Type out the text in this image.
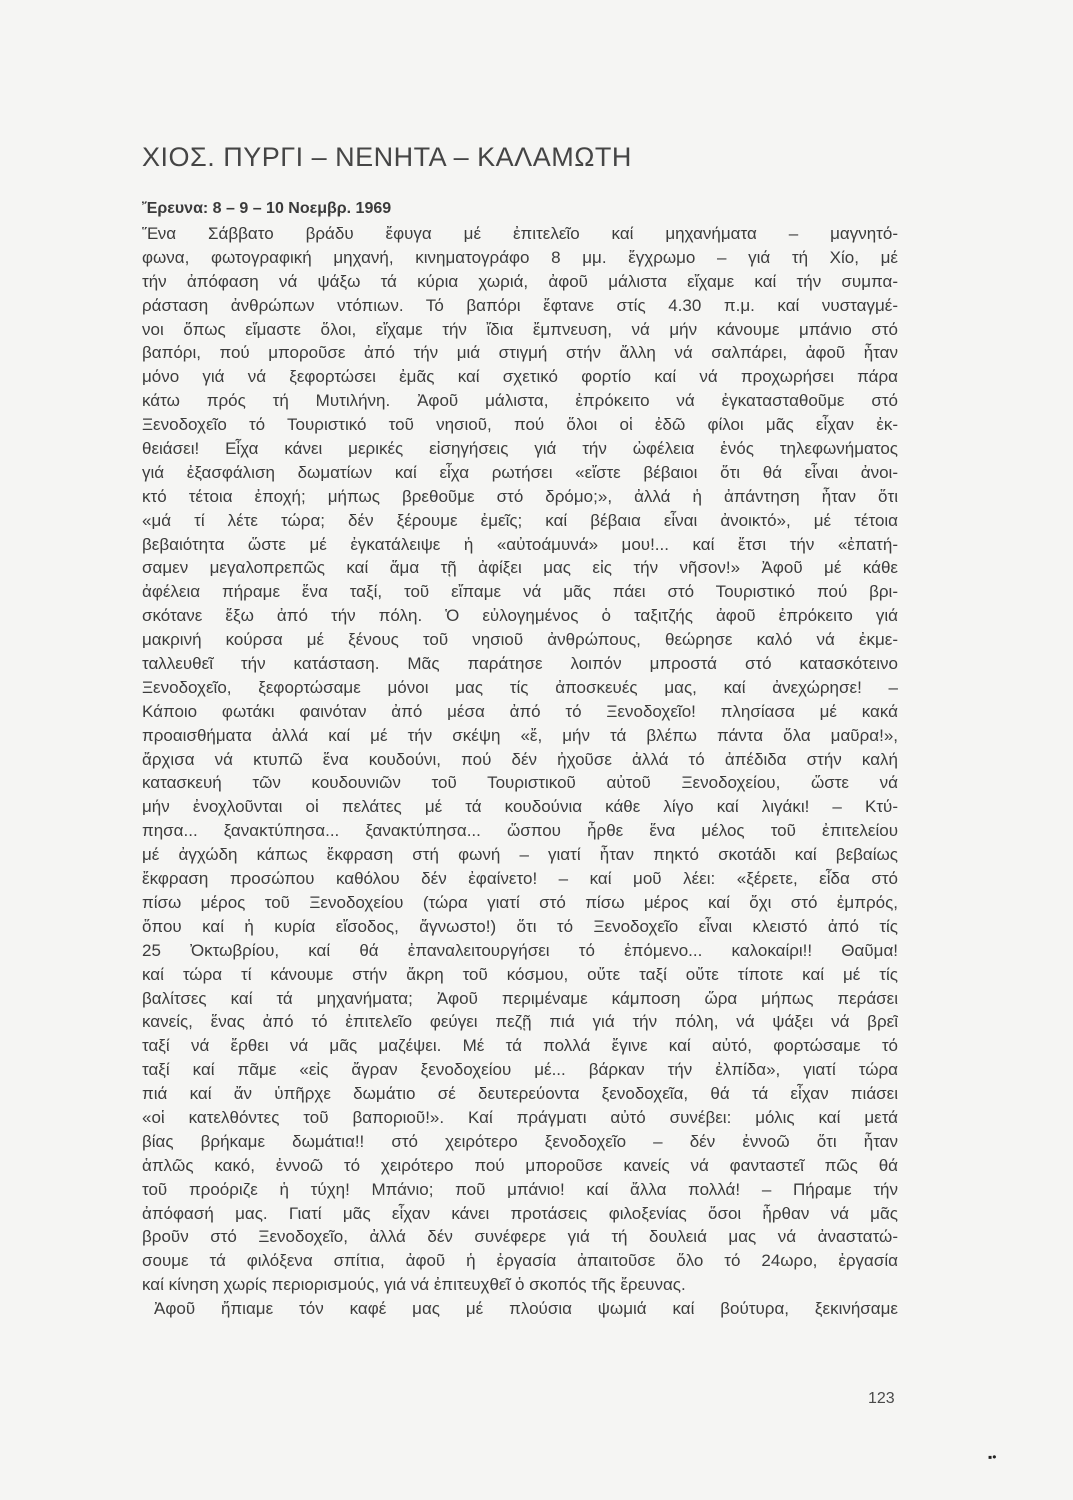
ΧΙΟΣ. ΠΥΡΓΙ – ΝΕΝΗΤΑ – ΚΑΛΑΜΩΤΗ
Ἔρευνα: 8 – 9 – 10 Νοεμβρ. 1969
Ἕνα Σάββατο βράδυ ἔφυγα μέ ἐπιτελεῖο καί μηχανήματα – μαγνητό-
φωνα, φωτογραφική μηχανή, κινηματογράφο 8 μμ. ἔγχρωμο – γιά τή Χίο, μέ
τήν ἀπόφαση νά ψάξω τά κύρια χωριά, ἀφοῦ μάλιστα εἴχαμε καί τήν συμπα-
ράσταση ἀνθρώπων ντόπιων. Τό βαπόρι ἔφτανε στίς 4.30 π.μ. καί νυσταγμέ-
νοι ὅπως εἴμαστε ὅλοι, εἴχαμε τήν ἴδια ἔμπνευση, νά μήν κάνουμε μπάνιο στό
βαπόρι, πού μποροῦσε ἀπό τήν μιά στιγμή στήν ἄλλη νά σαλπάρει, ἀφοῦ ἦταν
μόνο γιά νά ξεφορτώσει ἐμᾶς καί σχετικό φορτίο καί νά προχωρήσει πάρα
κάτω πρός τή Μυτιλήνη. Ἀφοῦ μάλιστα, ἐπρόκειτο νά ἐγκατασταθοῦμε στό
Ξενοδοχεῖο τό Τουριστικό τοῦ νησιοῦ, πού ὅλοι οἱ ἐδῶ φίλοι μᾶς εἶχαν ἐκ-
θειάσει! Εἶχα κάνει μερικές εἰσηγήσεις γιά τήν ὠφέλεια ἑνός τηλεφωνήματος
γιά ἐξασφάλιση δωματίων καί εἶχα ρωτήσει «εἴστε βέβαιοι ὅτι θά εἶναι ἀνοι-
κτό τέτοια ἐποχή; μήπως βρεθοῦμε στό δρόμο;», ἀλλά ἡ ἀπάντηση ἦταν ὅτι
«μά τί λέτε τώρα; δέν ξέρουμε ἐμεῖς; καί βέβαια εἶναι ἀνοικτό», μέ τέτοια
βεβαιότητα ὥστε μέ ἐγκατάλειψε ἡ «αὐτοάμυνά» μου!... καί ἔτσι τήν «ἐπατή-
σαμεν μεγαλοπρεπῶς καί ἅμα τῇ ἀφίξει μας εἰς τήν νῆσον!» Ἀφοῦ μέ κάθε
ἀφέλεια πήραμε ἕνα ταξί, τοῦ εἴπαμε νά μᾶς πάει στό Τουριστικό πού βρι-
σκότανε ἔξω ἀπό τήν πόλη. Ὁ εὐλογημένος ὁ ταξιτζής ἀφοῦ ἐπρόκειτο γιά
μακρινή κούρσα μέ ξένους τοῦ νησιοῦ ἀνθρώπους, θεώρησε καλό νά ἐκμε-
ταλλευθεῖ τήν κατάσταση. Μᾶς παράτησε λοιπόν μπροστά στό κατασκότεινο
Ξενοδοχεῖο, ξεφορτώσαμε μόνοι μας τίς ἀποσκευές μας, καί ἀνεχώρησε! –
Κάποιο φωτάκι φαινόταν ἀπό μέσα ἀπό τό Ξενοδοχεῖο! πλησίασα μέ κακά
προαισθήματα ἀλλά καί μέ τήν σκέψη «ἔ, μήν τά βλέπω πάντα ὅλα μαῦρα!»,
ἄρχισα νά κτυπῶ ἕνα κουδούνι, πού δέν ἠχοῦσε ἀλλά τό ἀπέδιδα στήν καλή
κατασκευή τῶν κουδουνιῶν τοῦ Τουριστικοῦ αὐτοῦ Ξενοδοχείου, ὥστε νά
μήν ἐνοχλοῦνται οἱ πελάτες μέ τά κουδούνια κάθε λίγο καί λιγάκι! – Κτύ-
πησα... ξανακτύπησα... ξανακτύπησα... ὥσπου ἦρθε ἕνα μέλος τοῦ ἐπιτελείου
μέ ἀγχώδη κάπως ἔκφραση στή φωνή – γιατί ἦταν πηκτό σκοτάδι καί βεβαίως
ἔκφραση προσώπου καθόλου δέν ἐφαίνετο! – καί μοῦ λέει: «ξέρετε, εἶδα στό
πίσω μέρος τοῦ Ξενοδοχείου (τώρα γιατί στό πίσω μέρος καί ὄχι στό ἐμπρός,
ὅπου καί ἡ κυρία εἴσοδος, ἄγνωστο!) ὅτι τό Ξενοδοχεῖο εἶναι κλειστό ἀπό τίς
25 Ὀκτωβρίου, καί θά ἐπαναλειτουργήσει τό ἑπόμενο... καλοκαίρι!! Θαῦμα!
καί τώρα τί κάνουμε στήν ἄκρη τοῦ κόσμου, οὔτε ταξί οὔτε τίποτε καί μέ τίς
βαλίτσες καί τά μηχανήματα; Ἀφοῦ περιμέναμε κάμποση ὥρα μήπως περάσει
κανείς, ἕνας ἀπό τό ἐπιτελεῖο φεύγει πεζῇ πιά γιά τήν πόλη, νά ψάξει νά βρεῖ
ταξί νά ἔρθει νά μᾶς μαζέψει. Μέ τά πολλά ἔγινε καί αὐτό, φορτώσαμε τό
ταξί καί πᾶμε «εἰς ἄγραν ξενοδοχείου μέ... βάρκαν τήν ἐλπίδα», γιατί τώρα
πιά καί ἄν ὑπῆρχε δωμάτιο σέ δευτερεύοντα ξενοδοχεῖα, θά τά εἶχαν πιάσει
«οἱ κατελθόντες τοῦ βαποριοῦ!». Καί πράγματι αὐτό συνέβει: μόλις καί μετά
βίας βρήκαμε δωμάτια!! στό χειρότερο ξενοδοχεῖο – δέν ἐννοῶ ὅτι ἦταν
ἁπλῶς κακό, ἐννοῶ τό χειρότερο πού μποροῦσε κανείς νά φανταστεῖ πῶς θά
τοῦ προόριζε ἡ τύχη! Μπάνιο; ποῦ μπάνιο! καί ἄλλα πολλά! – Πήραμε τήν
ἀπόφασή μας. Γιατί μᾶς εἶχαν κάνει προτάσεις φιλοξενίας ὅσοι ἦρθαν νά μᾶς
βροῦν στό Ξενοδοχεῖο, ἀλλά δέν συνέφερε γιά τή δουλειά μας νά ἀναστατώ-
σουμε τά φιλόξενα σπίτια, ἀφοῦ ἡ ἐργασία ἀπαιτοῦσε ὅλο τό 24ωρο, ἐργασία
καί κίνηση χωρίς περιορισμούς, γιά νά ἐπιτευχθεῖ ὁ σκοπός τῆς ἔρευνας.
Ἀφοῦ ἤπιαμε τόν καφέ μας μέ πλούσια ψωμιά καί βούτυρα, ξεκινήσαμε
123
▪•
